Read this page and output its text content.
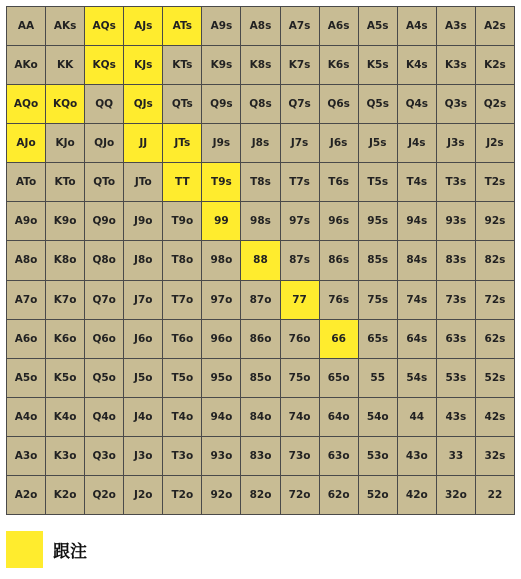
AA	AKs	AQs	AJs	ATs	A9s	A8s	A7s	A6s	A5s	A4s	A3s	A2s
AKo	KK	KQs	KJs	KTs	K9s	K8s	K7s	K6s	K5s	K4s	K3s	K2s
AQo	KQo	QQ	QJs	QTs	Q9s	Q8s	Q7s	Q6s	Q5s	Q4s	Q3s	Q2s
AJo	KJo	QJo	JJ	JTs	J9s	J8s	J7s	J6s	J5s	J4s	J3s	J2s
ATo	KTo	QTo	JTo	TT	T9s	T8s	T7s	T6s	T5s	T4s	T3s	T2s
A9o	K9o	Q9o	J9o	T9o	99	98s	97s	96s	95s	94s	93s	92s
A8o	K8o	Q8o	J8o	T8o	98o	88	87s	86s	85s	84s	83s	82s
A7o	K7o	Q7o	J7o	T7o	97o	87o	77	76s	75s	74s	73s	72s
A6o	K6o	Q6o	J6o	T6o	96o	86o	76o	66	65s	64s	63s	62s
A5o	K5o	Q5o	J5o	T5o	95o	85o	75o	65o	55	54s	53s	52s
A4o	K4o	Q4o	J4o	T4o	94o	84o	74o	64o	54o	44	43s	42s
A3o	K3o	Q3o	J3o	T3o	93o	83o	73o	63o	53o	43o	33	32s
A2o	K2o	Q2o	J2o	T2o	92o	82o	72o	62o	52o	42o	32o	22
跟注
